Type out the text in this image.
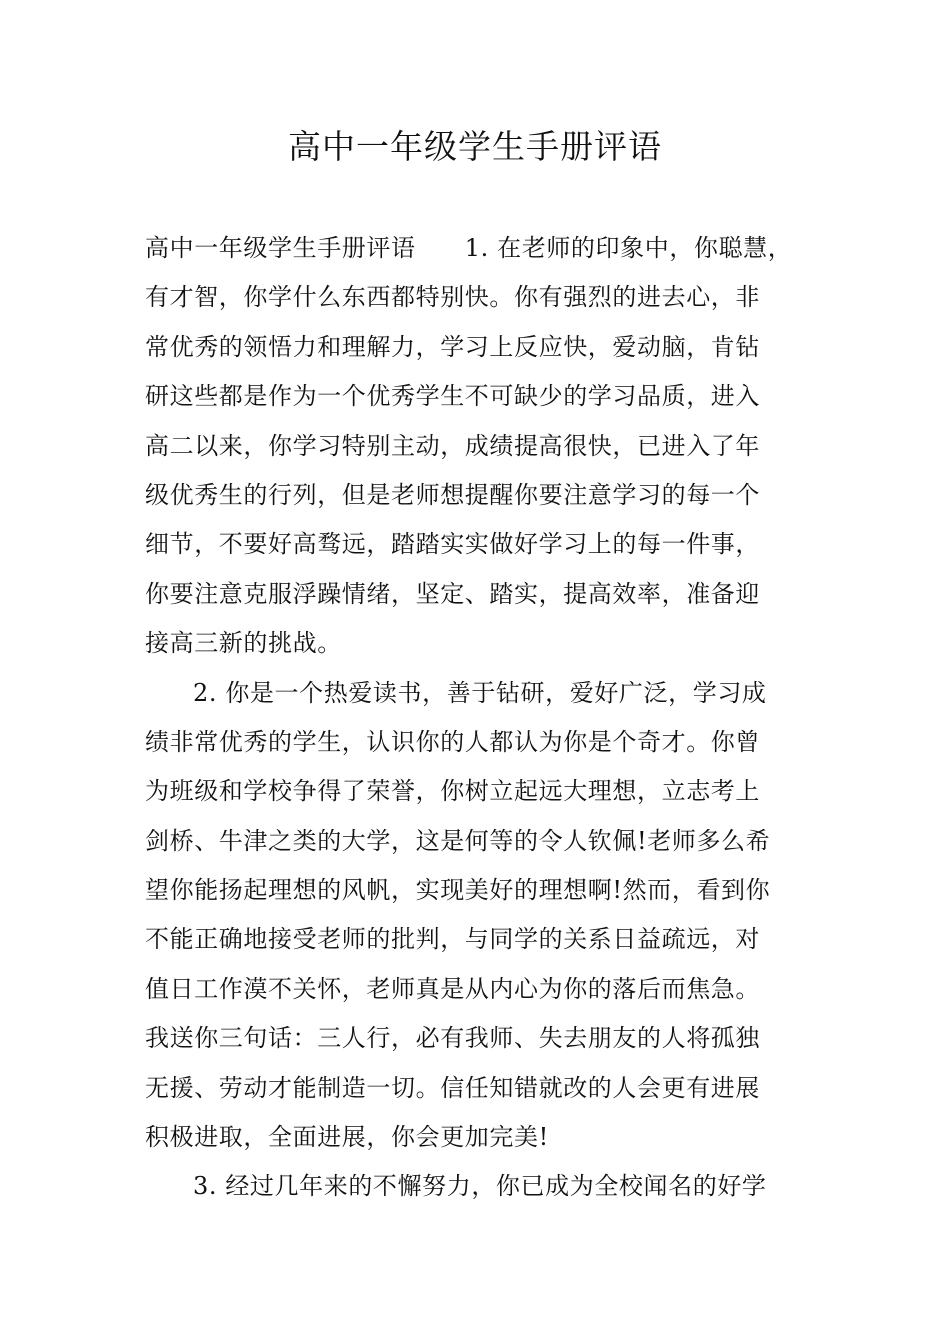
高中一年级学生手册评语

高中一年级学生手册评语　　1. 在老师的印象中，你聪慧，
有才智，你学什么东西都特别快。你有强烈的进去心，非
常优秀的领悟力和理解力，学习上反应快，爱动脑，肯钻
研这些都是作为一个优秀学生不可缺少的学习品质，进入
高二以来，你学习特别主动，成绩提高很快，已进入了年
级优秀生的行列，但是老师想提醒你要注意学习的每一个
细节，不要好高骛远，踏踏实实做好学习上的每一件事，
你要注意克服浮躁情绪，坚定、踏实，提高效率，准备迎
接高三新的挑战。

2. 你是一个热爱读书，善于钻研，爱好广泛，学习成
绩非常优秀的学生，认识你的人都认为你是个奇才。你曾
为班级和学校争得了荣誉，你树立起远大理想，立志考上
剑桥、牛津之类的大学，这是何等的令人钦佩!老师多么希
望你能扬起理想的风帆，实现美好的理想啊!然而，看到你
不能正确地接受老师的批判，与同学的关系日益疏远，对
值日工作漠不关怀，老师真是从内心为你的落后而焦急。
我送你三句话：三人行，必有我师、失去朋友的人将孤独
无援、劳动才能制造一切。信任知错就改的人会更有进展
积极进取，全面进展，你会更加完美!

3. 经过几年来的不懈努力，你已成为全校闻名的好学
